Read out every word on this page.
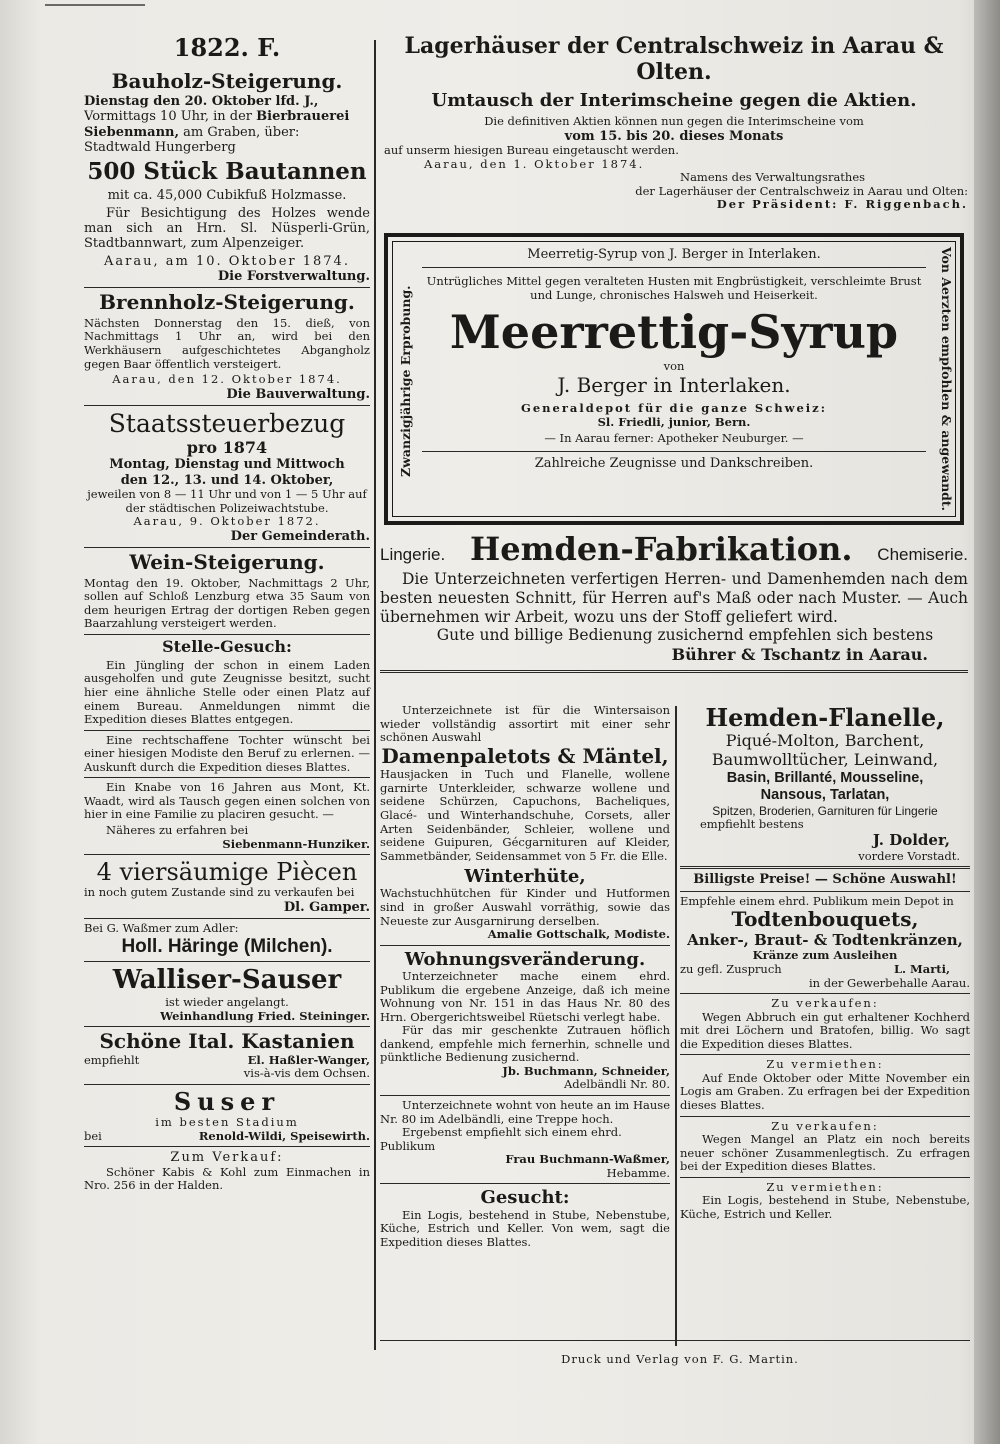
1822. F.
Bauholz-Steigerung.
Dienstag den 20. Oktober lfd. J.,
Vormittags 10 Uhr, in der Bierbrauerei
Siebenmann, am Graben, über:
Stadtwald Hungerberg
500 Stück Bautannen
mit ca. 45,000 Cubikfuß Holzmasse.
Für Besichtigung des Holzes wende man sich an Hrn. Sl. Nüsperli-Grün, Stadtbannwart, zum Alpenzeiger.
Aarau, am 10. Oktober 1874.
Die Forstverwaltung.
Brennholz-Steigerung.
Nächsten Donnerstag den 15. dieß, von Nachmittags 1 Uhr an, wird bei den Werkhäusern aufgeschichtetes Abgangholz gegen Baar öffentlich versteigert.
Aarau, den 12. Oktober 1874.
Die Bauverwaltung.
Staatssteuerbezug
pro 1874
Montag, Dienstag und Mittwoch
den 12., 13. und 14. Oktober,
jeweilen von 8 — 11 Uhr und von 1 — 5 Uhr auf der städtischen Polizeiwachtstube.
Aarau, 9. Oktober 1872.
Der Gemeinderath.
Wein-Steigerung.
Montag den 19. Oktober, Nachmittags 2 Uhr, sollen auf Schloß Lenzburg etwa 35 Saum von dem heurigen Ertrag der dortigen Reben gegen Baarzahlung versteigert werden.
Stelle-Gesuch:
Ein Jüngling der schon in einem Laden ausgeholfen und gute Zeugnisse besitzt, sucht hier eine ähnliche Stelle oder einen Platz auf einem Bureau. Anmeldungen nimmt die Expedition dieses Blattes entgegen.
Eine rechtschaffene Tochter wünscht bei einer hiesigen Modiste den Beruf zu erlernen. — Auskunft durch die Expedition dieses Blattes.
Ein Knabe von 16 Jahren aus Mont, Kt. Waadt, wird als Tausch gegen einen solchen von hier in eine Familie zu placiren gesucht. —
Näheres zu erfahren bei
Siebenmann-Hunziker.
4 viersäumige Piècen
in noch gutem Zustande sind zu verkaufen bei
Dl. Gamper.
Bei G. Waßmer zum Adler:
Holl. Häringe (Milchen).
Walliser-Sauser
ist wieder angelangt.
Weinhandlung Fried. Steininger.
Schöne Ital. Kastanien
empfiehlt	El. Haßler-Wanger,
vis-à-vis dem Ochsen.
Suser
im besten Stadium
bei	Renold-Wildi, Speisewirth.
Zum Verkauf:
Schöner Kabis & Kohl zum Einmachen in Nro. 256 in der Halden.
Lagerhäuser der Centralschweiz in Aarau & Olten.
Umtausch der Interimscheine gegen die Aktien.
Die definitiven Aktien können nun gegen die Interimscheine vom
vom 15. bis 20. dieses Monats
auf unserm hiesigen Bureau eingetauscht werden.
Aarau, den 1. Oktober 1874.
Namens des Verwaltungsrathes
der Lagerhäuser der Centralschweiz in Aarau und Olten:
Der Präsident: F. Riggenbach.
Zwanzigjährige Erprobung.	Von Aerzten empfohlen & angewandt.
Meerretig-Syrup von J. Berger in Interlaken.
Untrügliches Mittel gegen veralteten Husten mit Engbrüstigkeit, verschleimte Brust und Lunge, chronisches Halsweh und Heiserkeit.
Meerrettig-Syrup
von
J. Berger in Interlaken.
Generaldepot für die ganze Schweiz:
Sl. Friedli, junior, Bern.
— In Aarau ferner: Apotheker Neuburger. —
Zahlreiche Zeugnisse und Dankschreiben.
Lingerie. Hemden-Fabrikation. Chemiserie.
Die Unterzeichneten verfertigen Herren- und Damenhemden nach dem besten neuesten Schnitt, für Herren auf's Maß oder nach Muster. — Auch übernehmen wir Arbeit, wozu uns der Stoff geliefert wird.
Gute und billige Bedienung zusichernd empfehlen sich bestens
Bührer & Tschantz in Aarau.
Unterzeichnete ist für die Wintersaison wieder vollständig assortirt mit einer sehr schönen Auswahl
Damenpaletots & Mäntel,
Hausjacken in Tuch und Flanelle, wollene garnirte Unterkleider, schwarze wollene und seidene Schürzen, Capuchons, Bacheliques, Glacé- und Winterhandschuhe, Corsets, aller Arten Seidenbänder, Schleier, wollene und seidene Guipuren, Gécgarnituren auf Kleider, Sammetbänder, Seidensammet von 5 Fr. die Elle.
Winterhüte,
Wachstuchhütchen für Kinder und Hutformen sind in großer Auswahl vorräthig, sowie das Neueste zur Ausgarnirung derselben.
Amalie Gottschalk, Modiste.
Wohnungsveränderung.
Unterzeichneter mache einem ehrd. Publikum die ergebene Anzeige, daß ich meine Wohnung von Nr. 151 in das Haus Nr. 80 des Hrn. Obergerichtsweibel Rüetschi verlegt habe.
Für das mir geschenkte Zutrauen höflich dankend, empfehle mich fernerhin, schnelle und pünktliche Bedienung zusichernd.
Jb. Buchmann, Schneider,
Adelbändli Nr. 80.
Unterzeichnete wohnt von heute an im Hause Nr. 80 im Adelbändli, eine Treppe hoch.
Ergebenst empfiehlt sich einem ehrd. Publikum
Frau Buchmann-Waßmer,
Hebamme.
Gesucht:
Ein Logis, bestehend in Stube, Nebenstube, Küche, Estrich und Keller. Von wem, sagt die Expedition dieses Blattes.
Hemden-Flanelle,
Piqué-Molton, Barchent, Baumwolltücher, Leinwand,
Basin, Brillanté, Mousseline,
Nansous, Tarlatan,
Spitzen, Broderien, Garnituren für Lingerie
empfiehlt bestens
J. Dolder,
vordere Vorstadt.
Billigste Preise! — Schöne Auswahl!
Empfehle einem ehrd. Publikum mein Depot in
Todtenbouquets,
Anker-, Braut- & Todtenkränzen,
Kränze zum Ausleihen
zu gefl. Zuspruch	L. Marti,
in der Gewerbehalle Aarau.
Zu verkaufen:
Wegen Abbruch ein gut erhaltener Kochherd mit drei Löchern und Bratofen, billig. Wo sagt die Expedition dieses Blattes.
Zu vermiethen:
Auf Ende Oktober oder Mitte November ein Logis am Graben. Zu erfragen bei der Expedition dieses Blattes.
Zu verkaufen:
Wegen Mangel an Platz ein noch bereits neuer schöner Zusammenlegtisch. Zu erfragen bei der Expedition dieses Blattes.
Zu vermiethen:
Ein Logis, bestehend in Stube, Nebenstube, Küche, Estrich und Keller.
Druck und Verlag von F. G. Martin.
